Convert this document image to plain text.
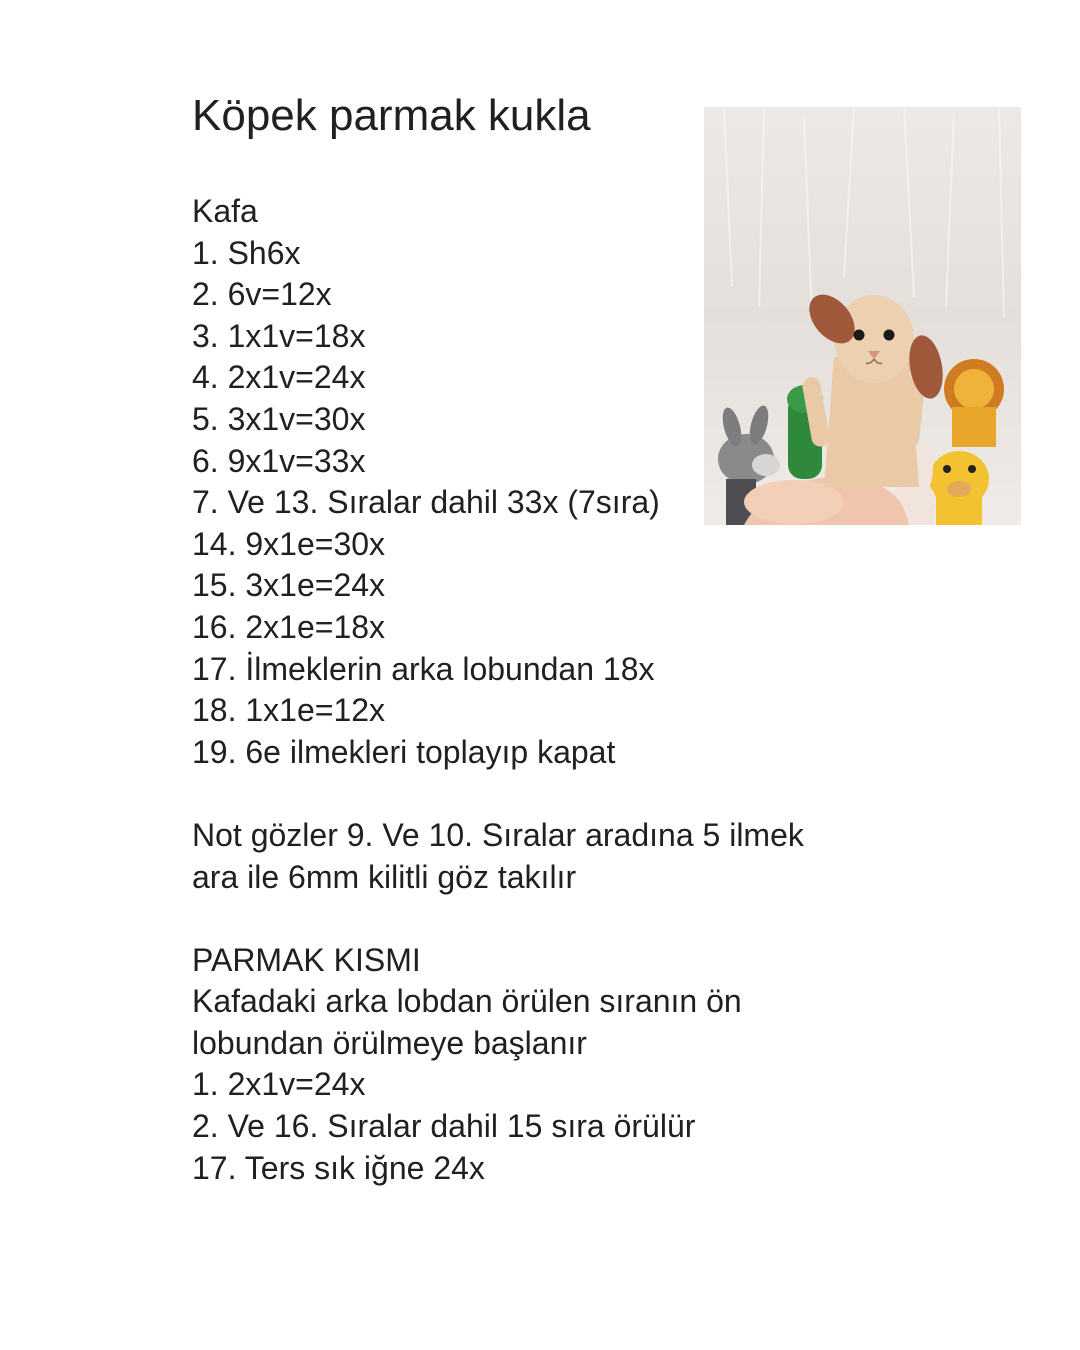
Köpek parmak kukla
Kafa
1. Sh6x
2. 6v=12x
3. 1x1v=18x
4. 2x1v=24x
5. 3x1v=30x
6. 9x1v=33x
7. Ve 13. Sıralar dahil 33x (7sıra)
14. 9x1e=30x
15. 3x1e=24x
16. 2x1e=18x
17. İlmeklerin arka lobundan 18x
18. 1x1e=12x
19. 6e ilmekleri toplayıp kapat
Not gözler 9. Ve 10. Sıralar aradına 5 ilmek
ara ile 6mm kilitli göz takılır
PARMAK KISMI
Kafadaki arka lobdan örülen sıranın ön
lobundan örülmeye başlanır
1. 2x1v=24x
2. Ve 16. Sıralar dahil 15 sıra örülür
17. Ters sık iğne 24x
